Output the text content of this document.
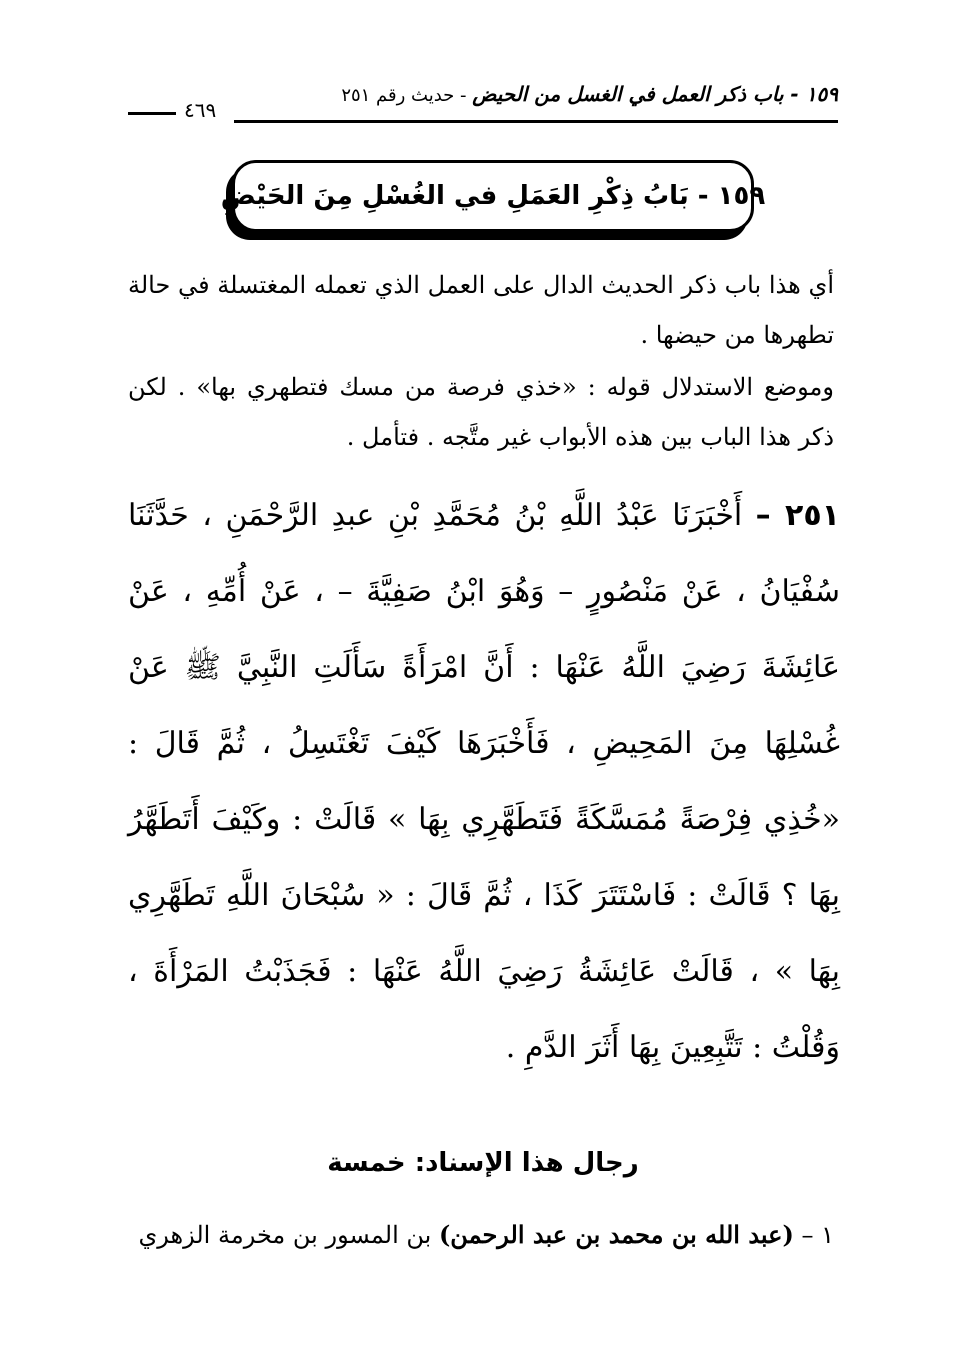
١٥٩ - باب ذكر العمل في الغسل من الحيض - حديث رقم ٢٥١
٤٦٩
١٥٩ - بَابُ ذِكْرِ العَمَلِ في الغُسْلِ مِنَ الحَيْضِ
أي هذا باب ذكر الحديث الدال على العمل الذي تعمله المغتسلة في حالة تطهرها من حيضها .
وموضع الاستدلال قوله : «خذي فرصة من مسك فتطهري بها» . لكن ذكر هذا الباب بين هذه الأبواب غير متَّجه . فتأمل .
٢٥١ – أَخْبَرَنَا عَبْدُ اللَّهِ بْنُ مُحَمَّدِ بْنِ عبدِ الرَّحْمَنِ ، حَدَّثَنَا سُفْيَانُ ، عَنْ مَنْصُورٍ – وَهُوَ ابْنُ صَفِيَّةَ – ، عَنْ أُمِّهِ ، عَنْ عَائِشَةَ رَضِيَ اللَّهُ عَنْهَا : أَنَّ امْرَأَةً سَأَلَتِ النَّبِيَّ ﷺ عَنْ غُسْلِهَا مِنَ المَحِيضِ ، فَأَخْبَرَهَا كَيْفَ تَغْتَسِلُ ، ثُمَّ قَالَ : «خُذِي فِرْصَةً مُمَسَّكَةً فَتَطَهَّرِي بِهَا » قَالَتْ : وكَيْفَ أَتَطَهَّرُ بِهَا ؟ قَالَتْ : فَاسْتَتَرَ كَذَا ، ثُمَّ قَالَ : « سُبْحَانَ اللَّهِ تَطَهَّرِي بِهَا » ، قَالَتْ عَائِشَةُ رَضِيَ اللَّهُ عَنْهَا : فَجَذَبْتُ المَرْأَةَ ، وَقُلْتُ : تَتَّبِعِينَ بِهَا أَثَرَ الدَّمِ .
رجال هذا الإسناد: خمسة
١ – (عبد الله بن محمد بن عبد الرحمن) بن المسور بن مخرمة الزهري
